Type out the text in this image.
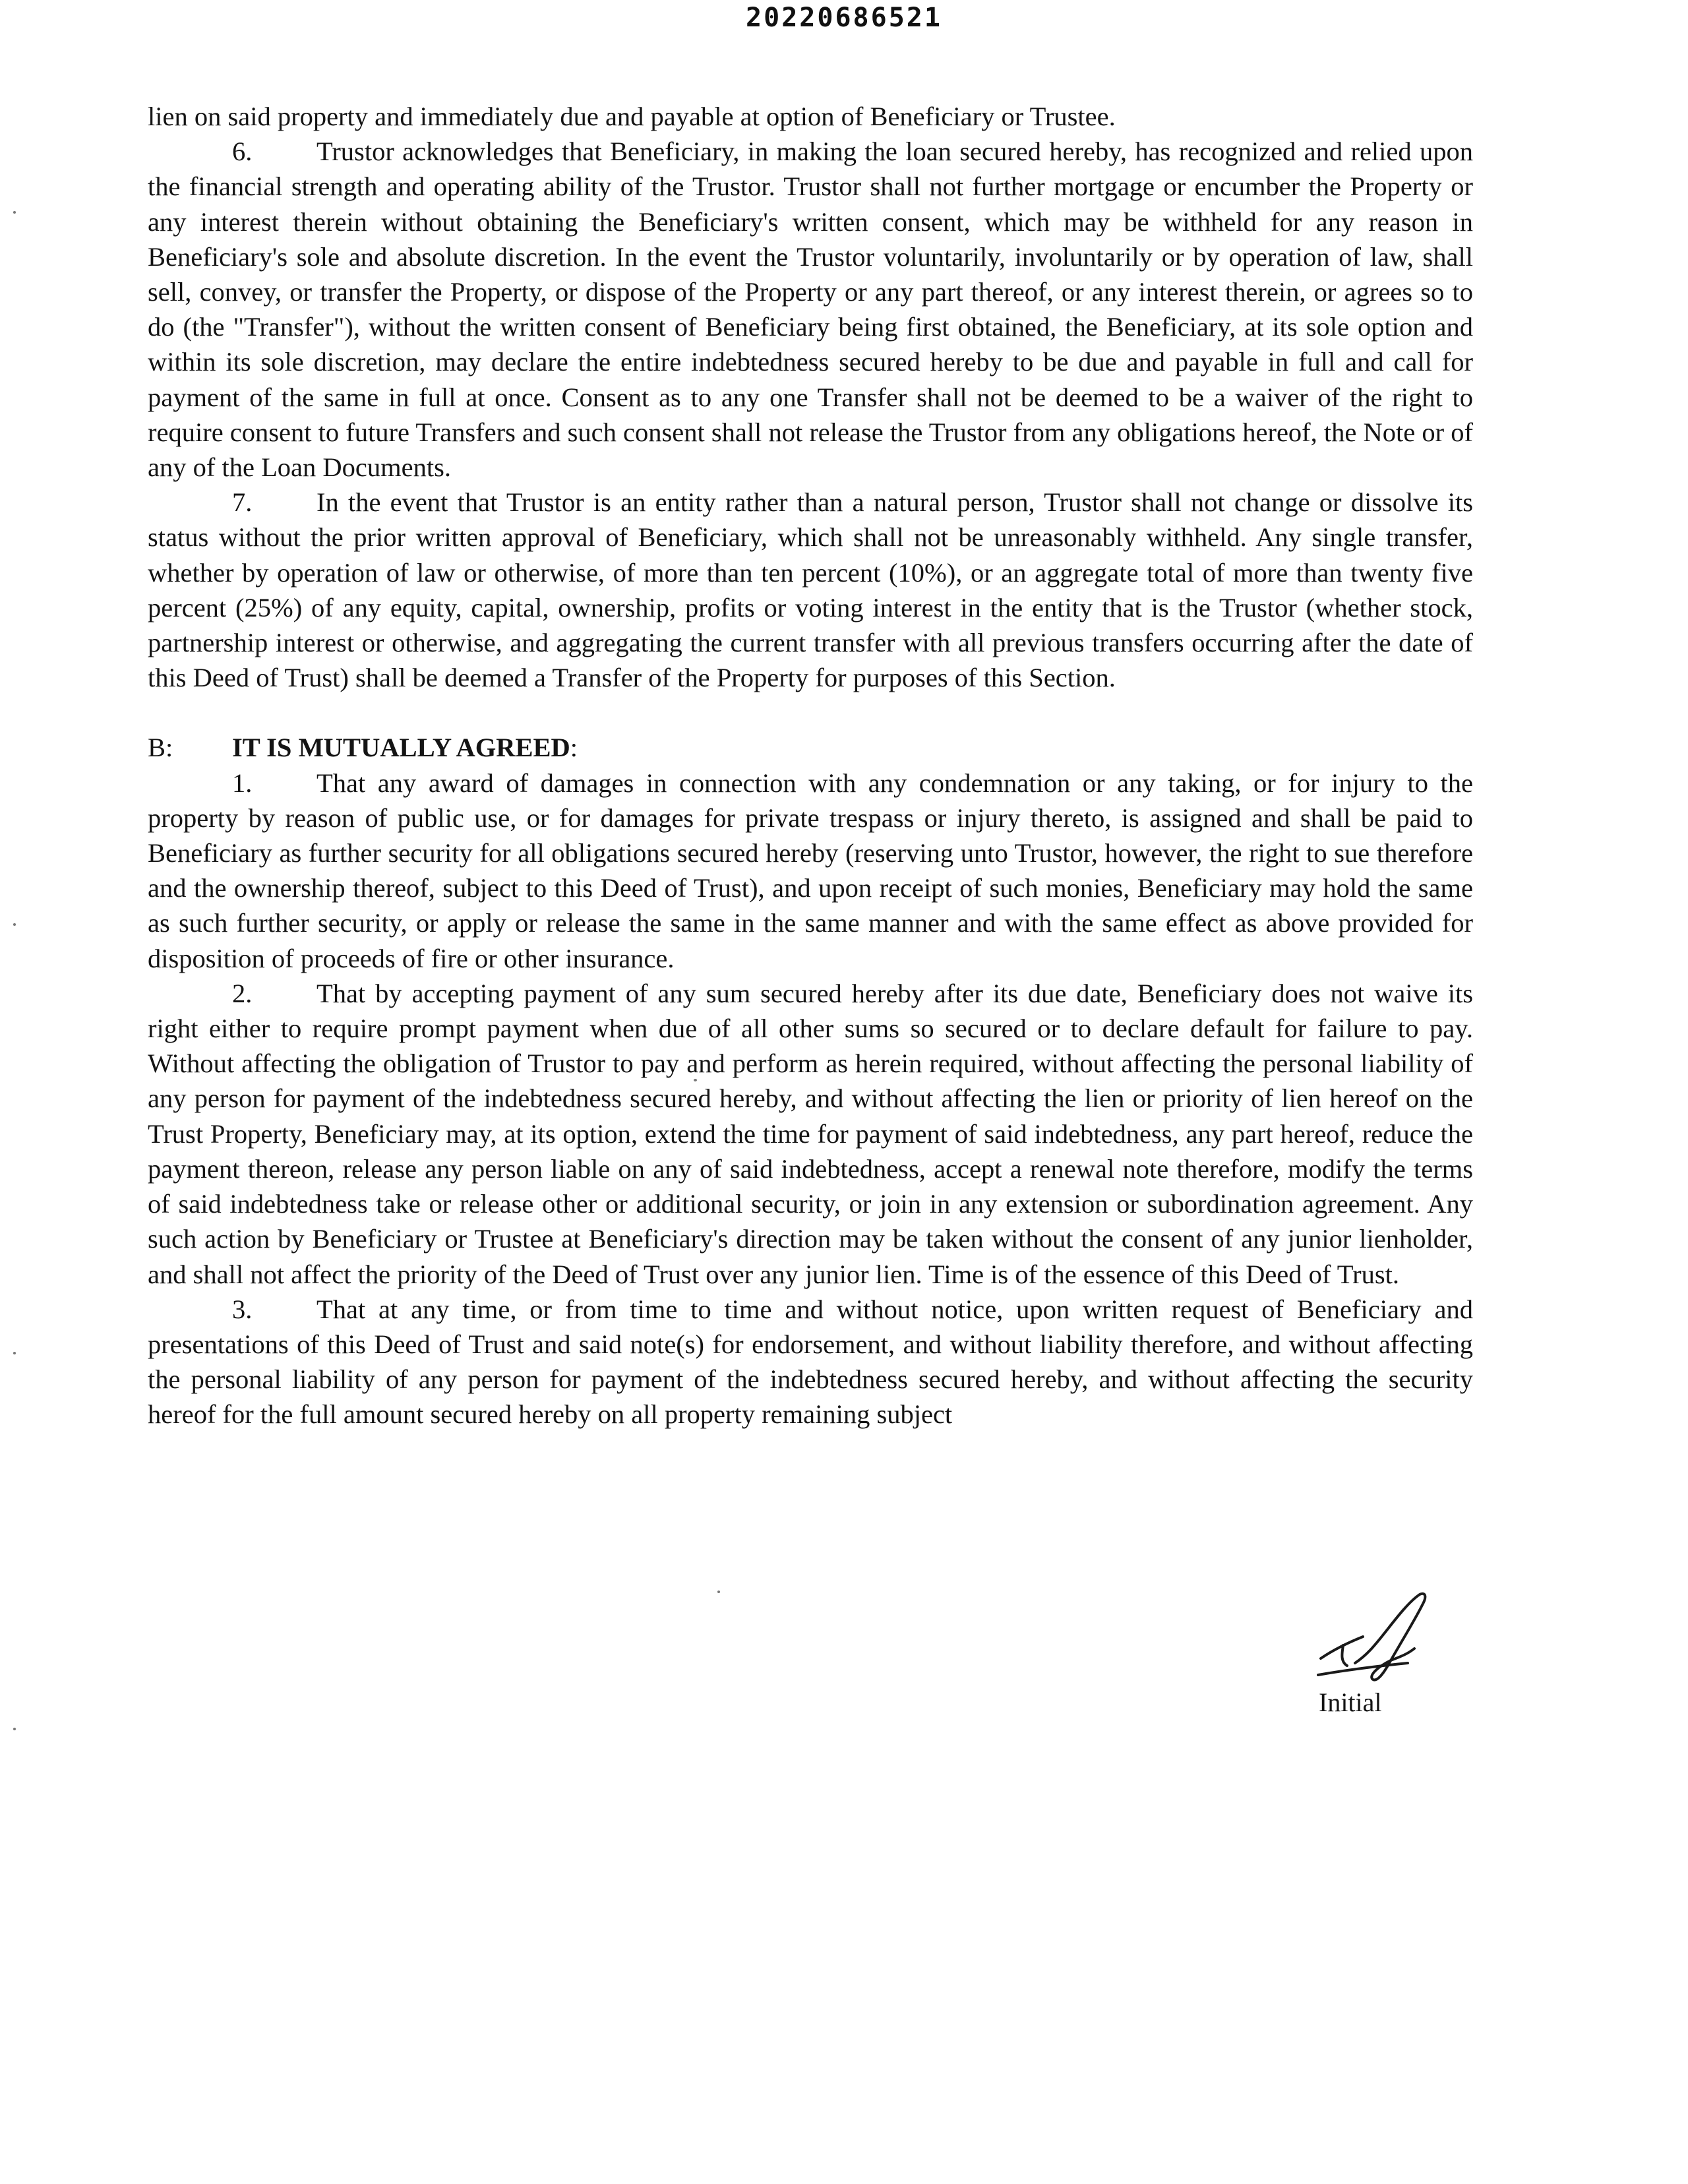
20220686521

lien on said property and immediately due and payable at option of Beneficiary or Trustee.

6. Trustor acknowledges that Beneficiary, in making the loan secured hereby, has recognized and relied upon the financial strength and operating ability of the Trustor. Trustor shall not further mortgage or encumber the Property or any interest therein without obtaining the Beneficiary's written consent, which may be withheld for any reason in Beneficiary's sole and absolute discretion. In the event the Trustor voluntarily, involuntarily or by operation of law, shall sell, convey, or transfer the Property, or dispose of the Property or any part thereof, or any interest therein, or agrees so to do (the "Transfer"), without the written consent of Beneficiary being first obtained, the Beneficiary, at its sole option and within its sole discretion, may declare the entire indebtedness secured hereby to be due and payable in full and call for payment of the same in full at once. Consent as to any one Transfer shall not be deemed to be a waiver of the right to require consent to future Transfers and such consent shall not release the Trustor from any obligations hereof, the Note or of any of the Loan Documents.

7. In the event that Trustor is an entity rather than a natural person, Trustor shall not change or dissolve its status without the prior written approval of Beneficiary, which shall not be unreasonably withheld. Any single transfer, whether by operation of law or otherwise, of more than ten percent (10%), or an aggregate total of more than twenty five percent (25%) of any equity, capital, ownership, profits or voting interest in the entity that is the Trustor (whether stock, partnership interest or otherwise, and aggregating the current transfer with all previous transfers occurring after the date of this Deed of Trust) shall be deemed a Transfer of the Property for purposes of this Section.

B: IT IS MUTUALLY AGREED:

1. That any award of damages in connection with any condemnation or any taking, or for injury to the property by reason of public use, or for damages for private trespass or injury thereto, is assigned and shall be paid to Beneficiary as further security for all obligations secured hereby (reserving unto Trustor, however, the right to sue therefore and the ownership thereof, subject to this Deed of Trust), and upon receipt of such monies, Beneficiary may hold the same as such further security, or apply or release the same in the same manner and with the same effect as above provided for disposition of proceeds of fire or other insurance.

2. That by accepting payment of any sum secured hereby after its due date, Beneficiary does not waive its right either to require prompt payment when due of all other sums so secured or to declare default for failure to pay. Without affecting the obligation of Trustor to pay and perform as herein required, without affecting the personal liability of any person for payment of the indebtedness secured hereby, and without affecting the lien or priority of lien hereof on the Trust Property, Beneficiary may, at its option, extend the time for payment of said indebtedness, any part hereof, reduce the payment thereon, release any person liable on any of said indebtedness, accept a renewal note therefore, modify the terms of said indebtedness take or release other or additional security, or join in any extension or subordination agreement. Any such action by Beneficiary or Trustee at Beneficiary's direction may be taken without the consent of any junior lienholder, and shall not affect the priority of the Deed of Trust over any junior lien. Time is of the essence of this Deed of Trust.

3. That at any time, or from time to time and without notice, upon written request of Beneficiary and presentations of this Deed of Trust and said note(s) for endorsement, and without liability therefore, and without affecting the personal liability of any person for payment of the indebtedness secured hereby, and without affecting the security hereof for the full amount secured hereby on all property remaining subject

Initial
